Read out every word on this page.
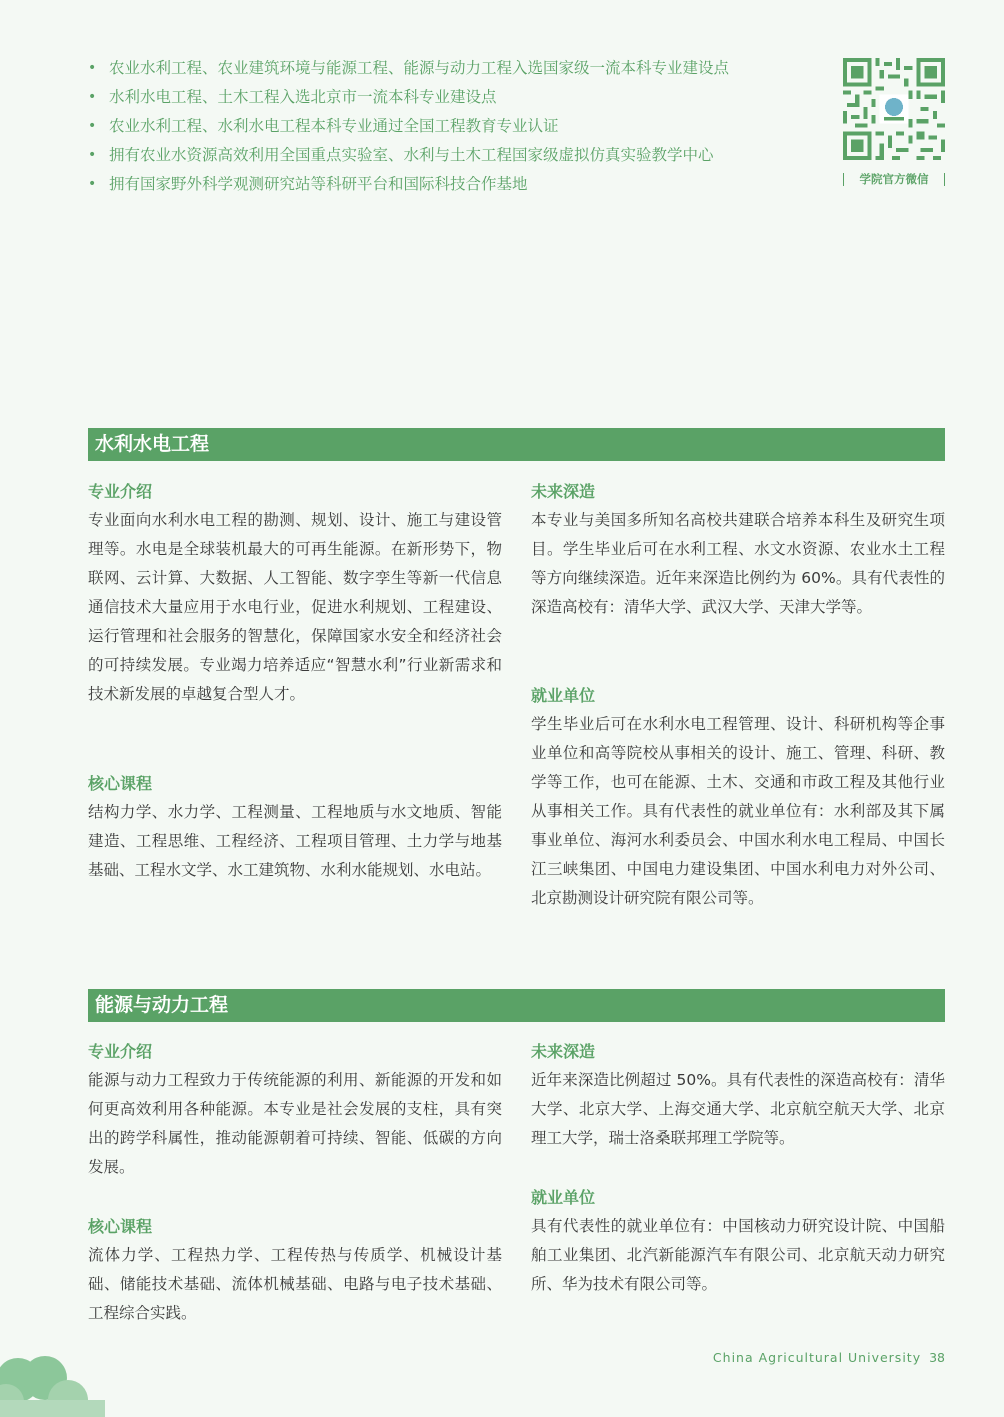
• 农业水利工程、农业建筑环境与能源工程、能源与动力工程入选国家级一流本科专业建设点
• 水利水电工程、土木工程入选北京市一流本科专业建设点
• 农业水利工程、水利水电工程本科专业通过全国工程教育专业认证
• 拥有农业水资源高效利用全国重点实验室、水利与土木工程国家级虚拟仿真实验教学中心
• 拥有国家野外科学观测研究站等科研平台和国际科技合作基地	学院官方微信
水利水电工程
专业介绍

专业面向水利水电工程的勘测、规划、设计、施工与建设管理等。水电是全球装机最大的可再生能源。在新形势下，物联网、云计算、大数据、人工智能、数字孪生等新一代信息通信技术大量应用于水电行业，促进水利规划、工程建设、运行管理和社会服务的智慧化，保障国家水安全和经济社会的可持续发展。专业竭力培养适应“智慧水利”行业新需求和技术新发展的卓越复合型人才。

核心课程

结构力学、水力学、工程测量、工程地质与水文地质、智能建造、工程思维、工程经济、工程项目管理、土力学与地基基础、工程水文学、水工建筑物、水利水能规划、水电站。

未来深造

本专业与美国多所知名高校共建联合培养本科生及研究生项目。学生毕业后可在水利工程、水文水资源、农业水土工程等方向继续深造。近年来深造比例约为 60%。具有代表性的深造高校有：清华大学、武汉大学、天津大学等。

就业单位

学生毕业后可在水利水电工程管理、设计、科研机构等企事业单位和高等院校从事相关的设计、施工、管理、科研、教学等工作，也可在能源、土木、交通和市政工程及其他行业从事相关工作。具有代表性的就业单位有：水利部及其下属事业单位、海河水利委员会、中国水利水电工程局、中国长江三峡集团、中国电力建设集团、中国水利电力对外公司、北京勘测设计研究院有限公司等。

能源与动力工程
专业介绍

能源与动力工程致力于传统能源的利用、新能源的开发和如何更高效利用各种能源。本专业是社会发展的支柱，具有突出的跨学科属性，推动能源朝着可持续、智能、低碳的方向发展。

核心课程

流体力学、工程热力学、工程传热与传质学、机械设计基础、储能技术基础、流体机械基础、电路与电子技术基础、工程综合实践。

未来深造

近年来深造比例超过 50%。具有代表性的深造高校有：清华大学、北京大学、上海交通大学、北京航空航天大学、北京理工大学，瑞士洛桑联邦理工学院等。

就业单位

具有代表性的就业单位有：中国核动力研究设计院、中国船舶工业集团、北汽新能源汽车有限公司、北京航天动力研究所、华为技术有限公司等。

China Agricultural University 38
